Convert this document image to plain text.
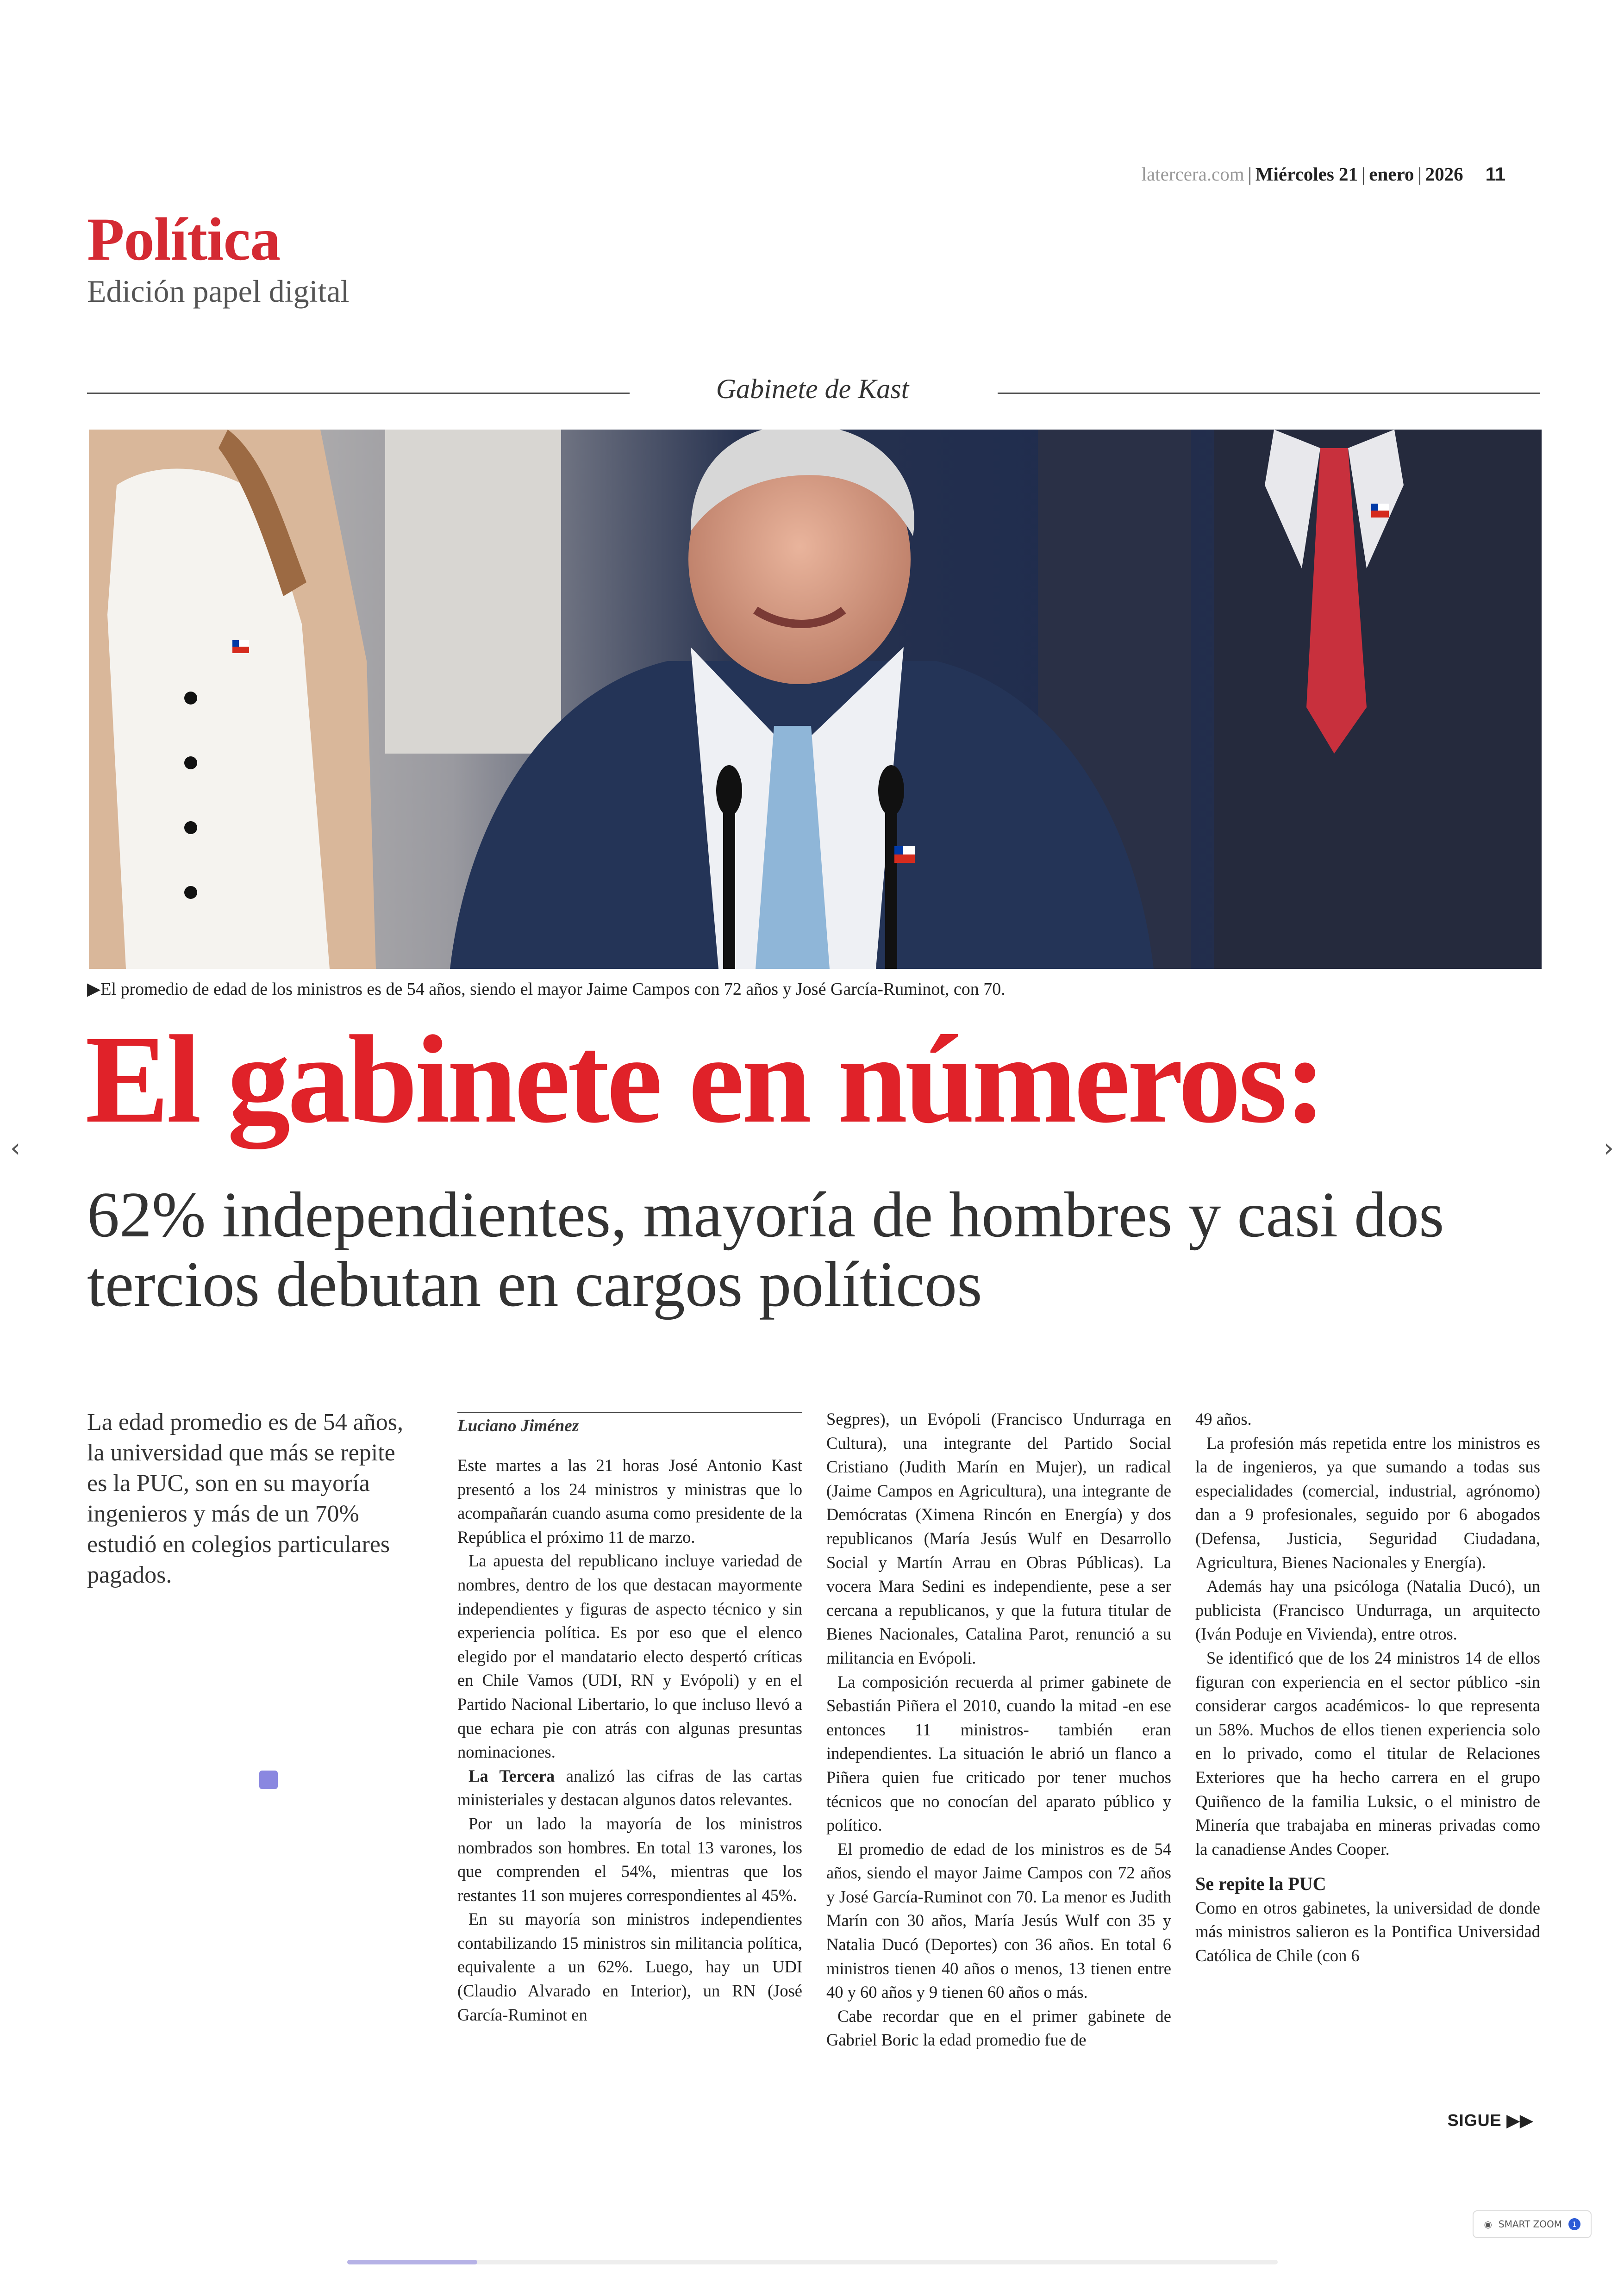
latercera.com | Miércoles 21 | enero | 2026 11
Política
Edición papel digital
Gabinete de Kast
▶El promedio de edad de los ministros es de 54 años, siendo el mayor Jaime Campos con 72 años y José García-Ruminot, con 70.
El gabinete en números:
62% independientes, mayoría de hombres y casi dos tercios debutan en cargos políticos
La edad promedio es de 54 años, la universidad que más se repite es la PUC, son en su mayoría ingenieros y más de un 70% estudió en colegios particulares pagados.
Luciano Jiménez

Este martes a las 21 horas José Antonio Kast presentó a los 24 ministros y ministras que lo acompañarán cuando asuma como presidente de la República el próximo 11 de marzo.

La apuesta del republicano incluye variedad de nombres, dentro de los que destacan mayormente independientes y figuras de aspecto técnico y sin experiencia política. Es por eso que el elenco elegido por el mandatario electo despertó críticas en Chile Vamos (UDI, RN y Evópoli) y en el Partido Nacional Libertario, lo que incluso llevó a que echara pie con atrás con algunas presuntas nominaciones.

La Tercera analizó las cifras de las cartas ministeriales y destacan algunos datos relevantes.

Por un lado la mayoría de los ministros nombrados son hombres. En total 13 varones, los que comprenden el 54%, mientras que los restantes 11 son mujeres correspondientes al 45%.

En su mayoría son ministros independientes contabilizando 15 ministros sin militancia política, equivalente a un 62%. Luego, hay un UDI (Claudio Alvarado en Interior), un RN (José García-Ruminot en

Segpres), un Evópoli (Francisco Undurraga en Cultura), una integrante del Partido Social Cristiano (Judith Marín en Mujer), un radical (Jaime Campos en Agricultura), una integrante de Demócratas (Ximena Rincón en Energía) y dos republicanos (María Jesús Wulf en Desarrollo Social y Martín Arrau en Obras Públicas). La vocera Mara Sedini es independiente, pese a ser cercana a republicanos, y que la futura titular de Bienes Nacionales, Catalina Parot, renunció a su militancia en Evópoli.

La composición recuerda al primer gabinete de Sebastián Piñera el 2010, cuando la mitad -en ese entonces 11 ministros- también eran independientes. La situación le abrió un flanco a Piñera quien fue criticado por tener muchos técnicos que no conocían del aparato público y político.

El promedio de edad de los ministros es de 54 años, siendo el mayor Jaime Campos con 72 años y José García-Ruminot con 70. La menor es Judith Marín con 30 años, María Jesús Wulf con 35 y Natalia Ducó (Deportes) con 36 años. En total 6 ministros tienen 40 años o menos, 13 tienen entre 40 y 60 años y 9 tienen 60 años o más.

Cabe recordar que en el primer gabinete de Gabriel Boric la edad promedio fue de

49 años.

La profesión más repetida entre los ministros es la de ingenieros, ya que sumando a todas sus especialidades (comercial, industrial, agrónomo) dan a 9 profesionales, seguido por 6 abogados (Defensa, Justicia, Seguridad Ciudadana, Agricultura, Bienes Nacionales y Energía).

Además hay una psicóloga (Natalia Ducó), un publicista (Francisco Undurraga, un arquitecto (Iván Poduje en Vivienda), entre otros.

Se identificó que de los 24 ministros 14 de ellos figuran con experiencia en el sector público -sin considerar cargos académicos- lo que representa un 58%. Muchos de ellos tienen experiencia solo en lo privado, como el titular de Relaciones Exteriores que ha hecho carrera en el grupo Quiñenco de la familia Luksic, o el ministro de Minería que trabajaba en mineras privadas como la canadiense Andes Cooper.

Se repite la PUC

Como en otros gabinetes, la universidad de donde más ministros salieron es la Pontifica Universidad Católica de Chile (con 6

SIGUE ▶▶
‹	›
◉ SMART ZOOM	1
